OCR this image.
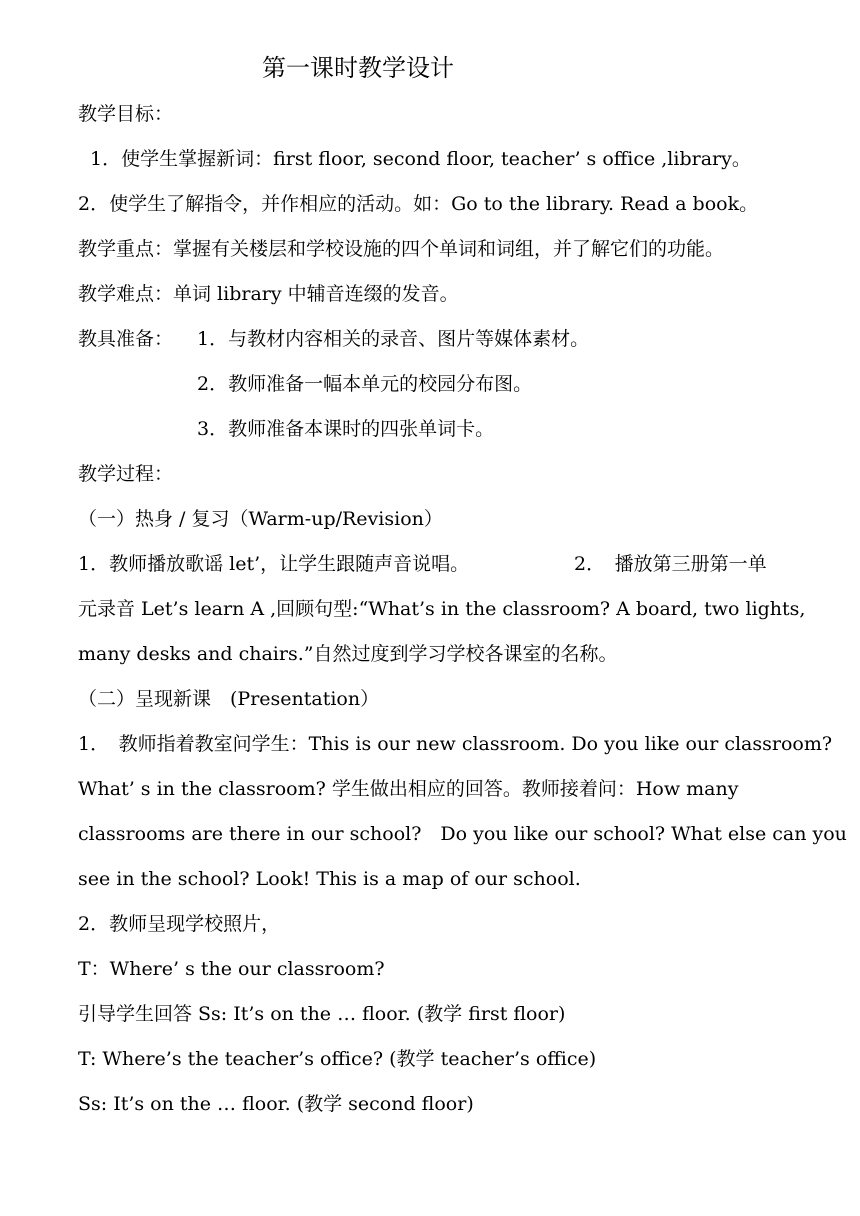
第一课时教学设计
教学目标：
1．使学生掌握新词：first floor, second floor, teacher’ s office ,library。
2．使学生了解指令，并作相应的活动。如：Go to the library. Read a book。
教学重点：掌握有关楼层和学校设施的四个单词和词组，并了解它们的功能。
教学难点：单词 library 中辅音连缀的发音。
教具准备： 1．与教材内容相关的录音、图片等媒体素材。
2．教师准备一幅本单元的校园分布图。
3．教师准备本课时的四张单词卡。
教学过程：
（一）热身 / 复习（Warm-up/Revision）
1．教师播放歌谣 let’，让学生跟随声音说唱。	2．　播放第三册第一单
元录音 Let’s learn A ,回顾句型:“What’s in the classroom? A board, two lights,
many desks and chairs.”自然过度到学习学校各课室的名称。
（二）呈现新课　(Presentation）
1．　教师指着教室问学生：This is our new classroom. Do you like our classroom?
What’ s in the classroom? 学生做出相应的回答。教师接着问：How many
classrooms are there in our school?　Do you like our school? What else can you
see in the school? Look! This is a map of our school.
2．教师呈现学校照片，
T：Where’ s the our classroom?
引导学生回答 Ss: It’s on the … floor. (教学 first floor)
T: Where’s the teacher’s office? (教学 teacher’s office)
Ss: It’s on the … floor. (教学 second floor)
